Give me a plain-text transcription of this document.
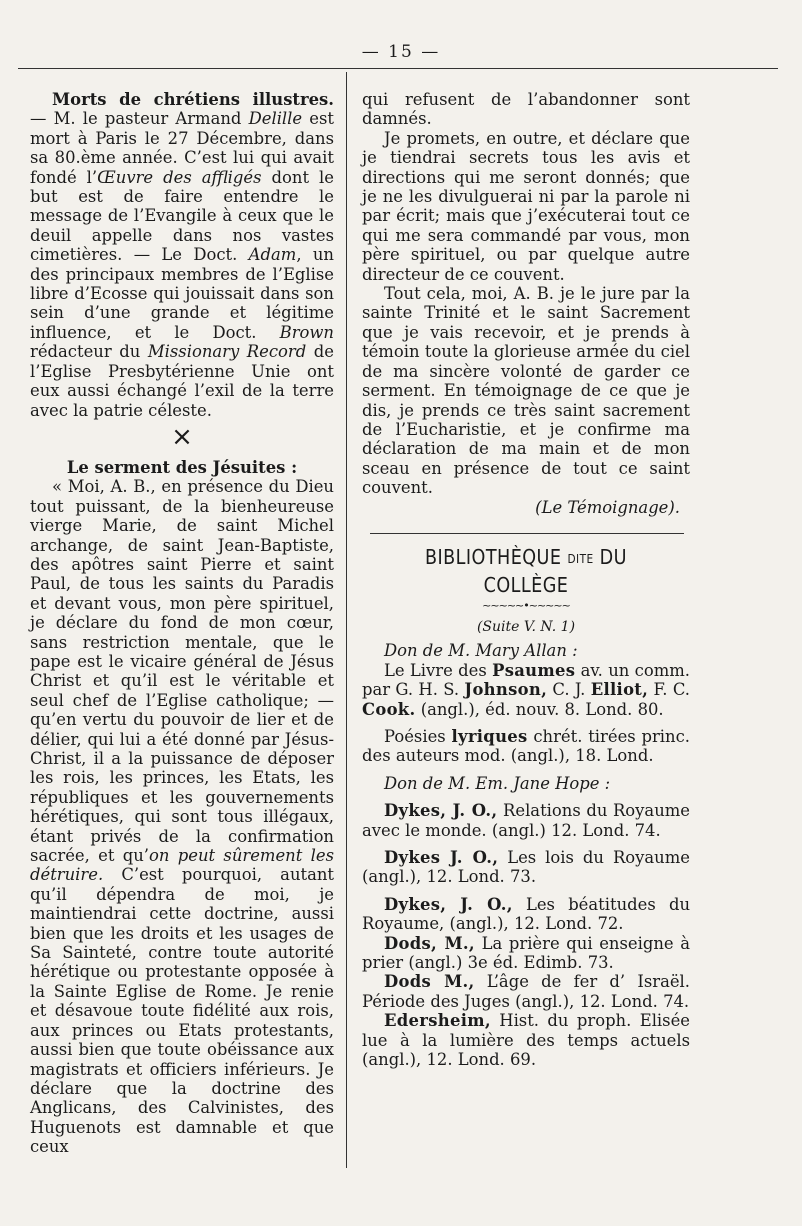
— 15 —

Morts de chrétiens illustres. — M. le pasteur Armand Delille est mort à Paris le 27 Décembre, dans sa 80.ème année. C’est lui qui avait fondé l’Œuvre des affligés dont le but est de faire entendre le message de l’Evangile à ceux que le deuil appelle dans nos vastes cimetières. — Le Doct. Adam, un des principaux membres de l’Eglise libre d’Ecosse qui jouissait dans son sein d’une grande et légitime influence, et le Doct. Brown rédacteur du Missionary Record de l’Eglise Presbytérienne Unie ont eux aussi échangé l’exil de la terre avec la patrie céleste.

×
Le serment des Jésuites :

« Moi, A. B., en présence du Dieu tout puissant, de la bienheureuse vierge Marie, de saint Michel archange, de saint Jean-Baptiste, des apôtres saint Pierre et saint Paul, de tous les saints du Paradis et devant vous, mon père spirituel, je déclare du fond de mon cœur, sans restriction mentale, que le pape est le vicaire général de Jésus Christ et qu’il est le véritable et seul chef de l’Eglise catholique; — qu’en vertu du pouvoir de lier et de délier, qui lui a été donné par Jésus-Christ, il a la puissance de déposer les rois, les princes, les Etats, les républiques et les gouvernements hérétiques, qui sont tous illégaux, étant privés de la confirmation sacrée, et qu’on peut sûrement les détruire. C’est pourquoi, autant qu’il dépendra de moi, je maintiendrai cette doctrine, aussi bien que les droits et les usages de Sa Sainteté, contre toute autorité hérétique ou protestante opposée à la Sainte Eglise de Rome. Je renie et désavoue toute fidélité aux rois, aux princes ou Etats protestants, aussi bien que toute obéissance aux magistrats et officiers inférieurs. Je déclare que la doctrine des Anglicans, des Calvinistes, des Huguenots est damnable et que ceux

qui refusent de l’abandonner sont damnés.

Je promets, en outre, et déclare que je tiendrai secrets tous les avis et directions qui me seront donnés; que je ne les divulguerai ni par la parole ni par écrit; mais que j’exécuterai tout ce qui me sera commandé par vous, mon père spirituel, ou par quelque autre directeur de ce couvent.

Tout cela, moi, A. B. je le jure par la sainte Trinité et le saint Sacrement que je vais recevoir, et je prends à témoin toute la glorieuse armée du ciel de ma sincère volonté de garder ce serment. En témoignage de ce que je dis, je prends ce très saint sacrement de l’Eucharistie, et je confirme ma déclaration de ma main et de mon sceau en présence de tout ce saint couvent.

(Le Témoignage).
BIBLIOTHÈQUE DITE DU COLLÈGE
~~~~~•~~~~~
(Suite V. N. 1)

Don de M. Mary Allan :

Le Livre des Psaumes av. un comm. par G. H. S. Johnson, C. J. Elliot, F. C. Cook. (angl.), éd. nouv. 8. Lond. 80.

Poésies lyriques chrét. tirées princ. des auteurs mod. (angl.), 18. Lond.

Don de M. Em. Jane Hope :

Dykes, J. O., Relations du Royaume avec le monde. (angl.) 12. Lond. 74.

Dykes J. O., Les lois du Royaume (angl.), 12. Lond. 73.

Dykes, J. O., Les béatitudes du Royaume, (angl.), 12. Lond. 72.

Dods, M., La prière qui enseigne à prier (angl.) 3e éd. Edimb. 73.

Dods M., L’âge de fer d’ Israël. Période des Juges (angl.), 12. Lond. 74.

Edersheim, Hist. du proph. Elisée lue à la lumière des temps actuels (angl.), 12. Lond. 69.
